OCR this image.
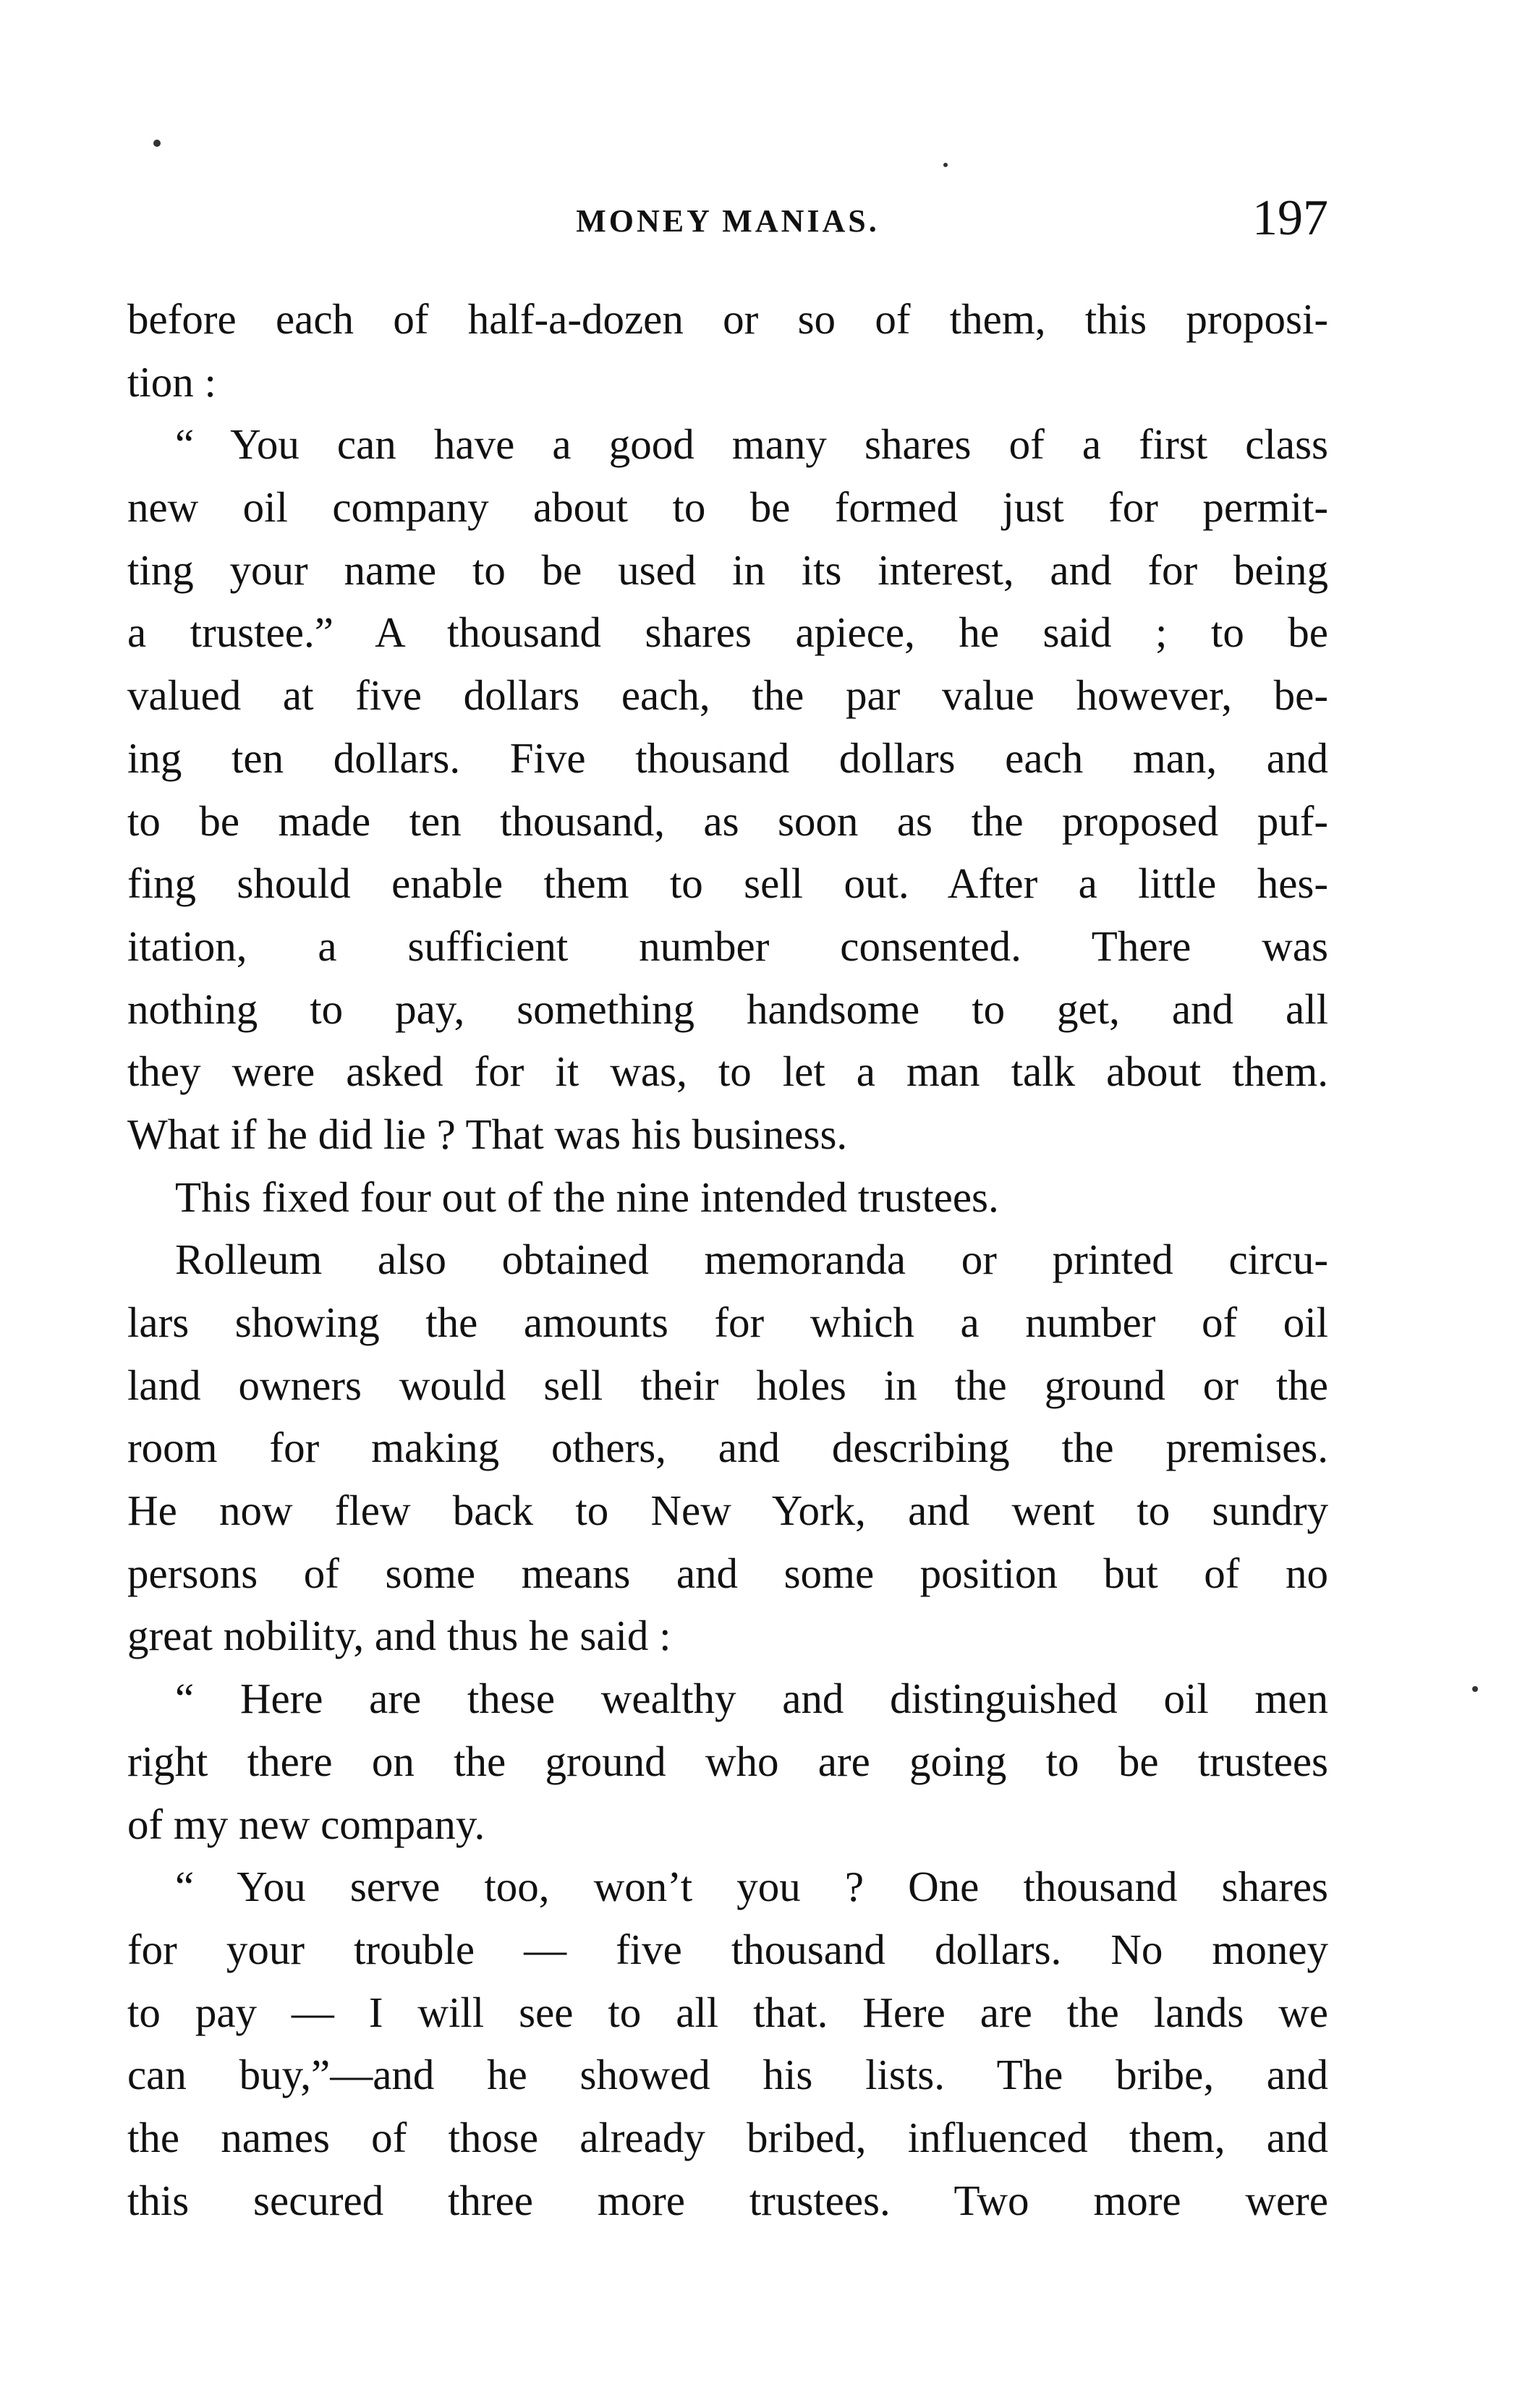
MONEY MANIAS.	197
before each of half-a-dozen or so of them, this proposi-
tion :
“ You can have a good many shares of a first class
new oil company about to be formed just for permit-
ting your name to be used in its interest, and for being
a trustee.” A thousand shares apiece, he said ; to be
valued at five dollars each, the par value however, be-
ing ten dollars. Five thousand dollars each man, and
to be made ten thousand, as soon as the proposed puf-
fing should enable them to sell out. After a little hes-
itation, a sufficient number consented. There was
nothing to pay, something handsome to get, and all
they were asked for it was, to let a man talk about them.
What if he did lie ? That was his business.
This fixed four out of the nine intended trustees.
Rolleum also obtained memoranda or printed circu-
lars showing the amounts for which a number of oil
land owners would sell their holes in the ground or the
room for making others, and describing the premises.
He now flew back to New York, and went to sundry
persons of some means and some position but of no
great nobility, and thus he said :
“ Here are these wealthy and distinguished oil men
right there on the ground who are going to be trustees
of my new company.
“ You serve too, won’t you ? One thousand shares
for your trouble — five thousand dollars. No money
to pay — I will see to all that. Here are the lands we
can buy,”—and he showed his lists. The bribe, and
the names of those already bribed, influenced them, and
this secured three more trustees. Two more were
